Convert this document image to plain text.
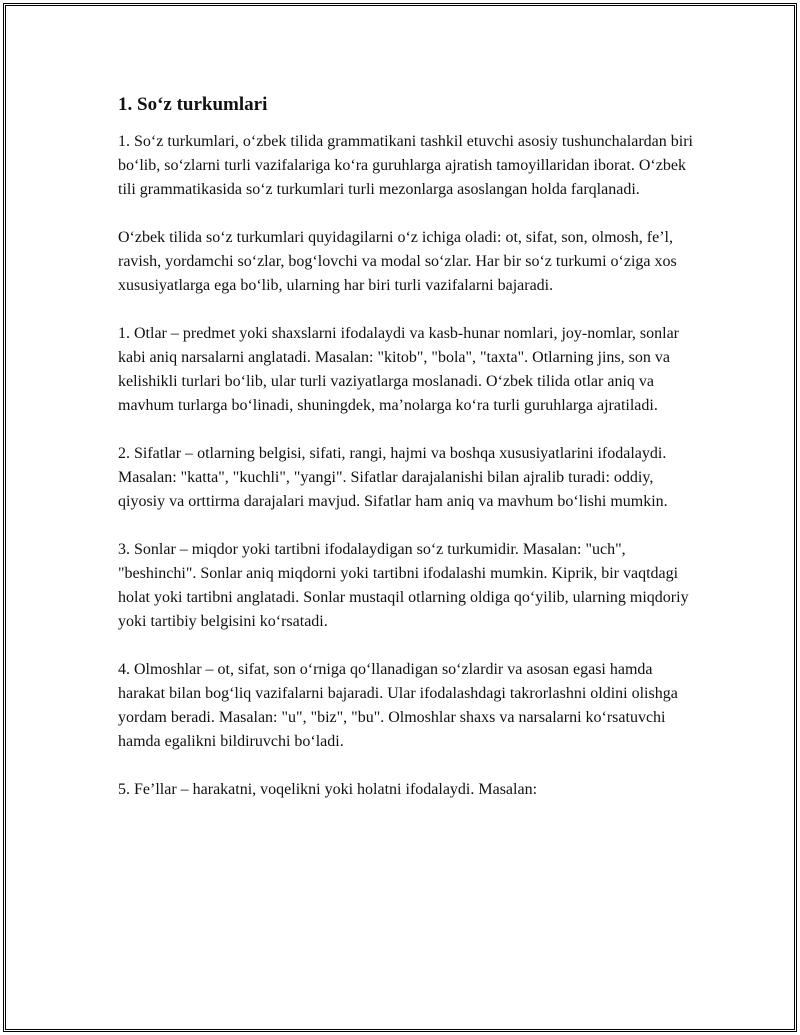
1. So‘z turkumlari

1. So‘z turkumlari, o‘zbek tilida grammatikani tashkil etuvchi asosiy tushunchalardan biri bo‘lib, so‘zlarni turli vazifalariga ko‘ra guruhlarga ajratish tamoyillaridan iborat. O‘zbek tili grammatikasida so‘z turkumlari turli mezonlarga asoslangan holda farqlanadi.

O‘zbek tilida so‘z turkumlari quyidagilarni o‘z ichiga oladi: ot, sifat, son, olmosh, fe’l, ravish, yordamchi so‘zlar, bog‘lovchi va modal so‘zlar. Har bir so‘z turkumi o‘ziga xos xususiyatlarga ega bo‘lib, ularning har biri turli vazifalarni bajaradi.

1. Otlar – predmet yoki shaxslarni ifodalaydi va kasb-hunar nomlari, joy-nomlar, sonlar kabi aniq narsalarni anglatadi. Masalan: "kitob", "bola", "taxta". Otlarning jins, son va kelishikli turlari bo‘lib, ular turli vaziyatlarga moslanadi. O‘zbek tilida otlar aniq va mavhum turlarga bo‘linadi, shuningdek, ma’nolarga ko‘ra turli guruhlarga ajratiladi.

2. Sifatlar – otlarning belgisi, sifati, rangi, hajmi va boshqa xususiyatlarini ifodalaydi. Masalan: "katta", "kuchli", "yangi". Sifatlar darajalanishi bilan ajralib turadi: oddiy, qiyosiy va orttirma darajalari mavjud. Sifatlar ham aniq va mavhum bo‘lishi mumkin.

3. Sonlar – miqdor yoki tartibni ifodalaydigan so‘z turkumidir. Masalan: "uch", "beshinchi". Sonlar aniq miqdorni yoki tartibni ifodalashi mumkin. Kiprik, bir vaqtdagi holat yoki tartibni anglatadi. Sonlar mustaqil otlarning oldiga qo‘yilib, ularning miqdoriy yoki tartibiy belgisini ko‘rsatadi.

4. Olmoshlar – ot, sifat, son o‘rniga qo‘llanadigan so‘zlardir va asosan egasi hamda harakat bilan bog‘liq vazifalarni bajaradi. Ular ifodalashdagi takrorlashni oldini olishga yordam beradi. Masalan: "u", "biz", "bu". Olmoshlar shaxs va narsalarni ko‘rsatuvchi hamda egalikni bildiruvchi bo‘ladi.

5. Fe’llar – harakatni, voqelikni yoki holatni ifodalaydi. Masalan:
